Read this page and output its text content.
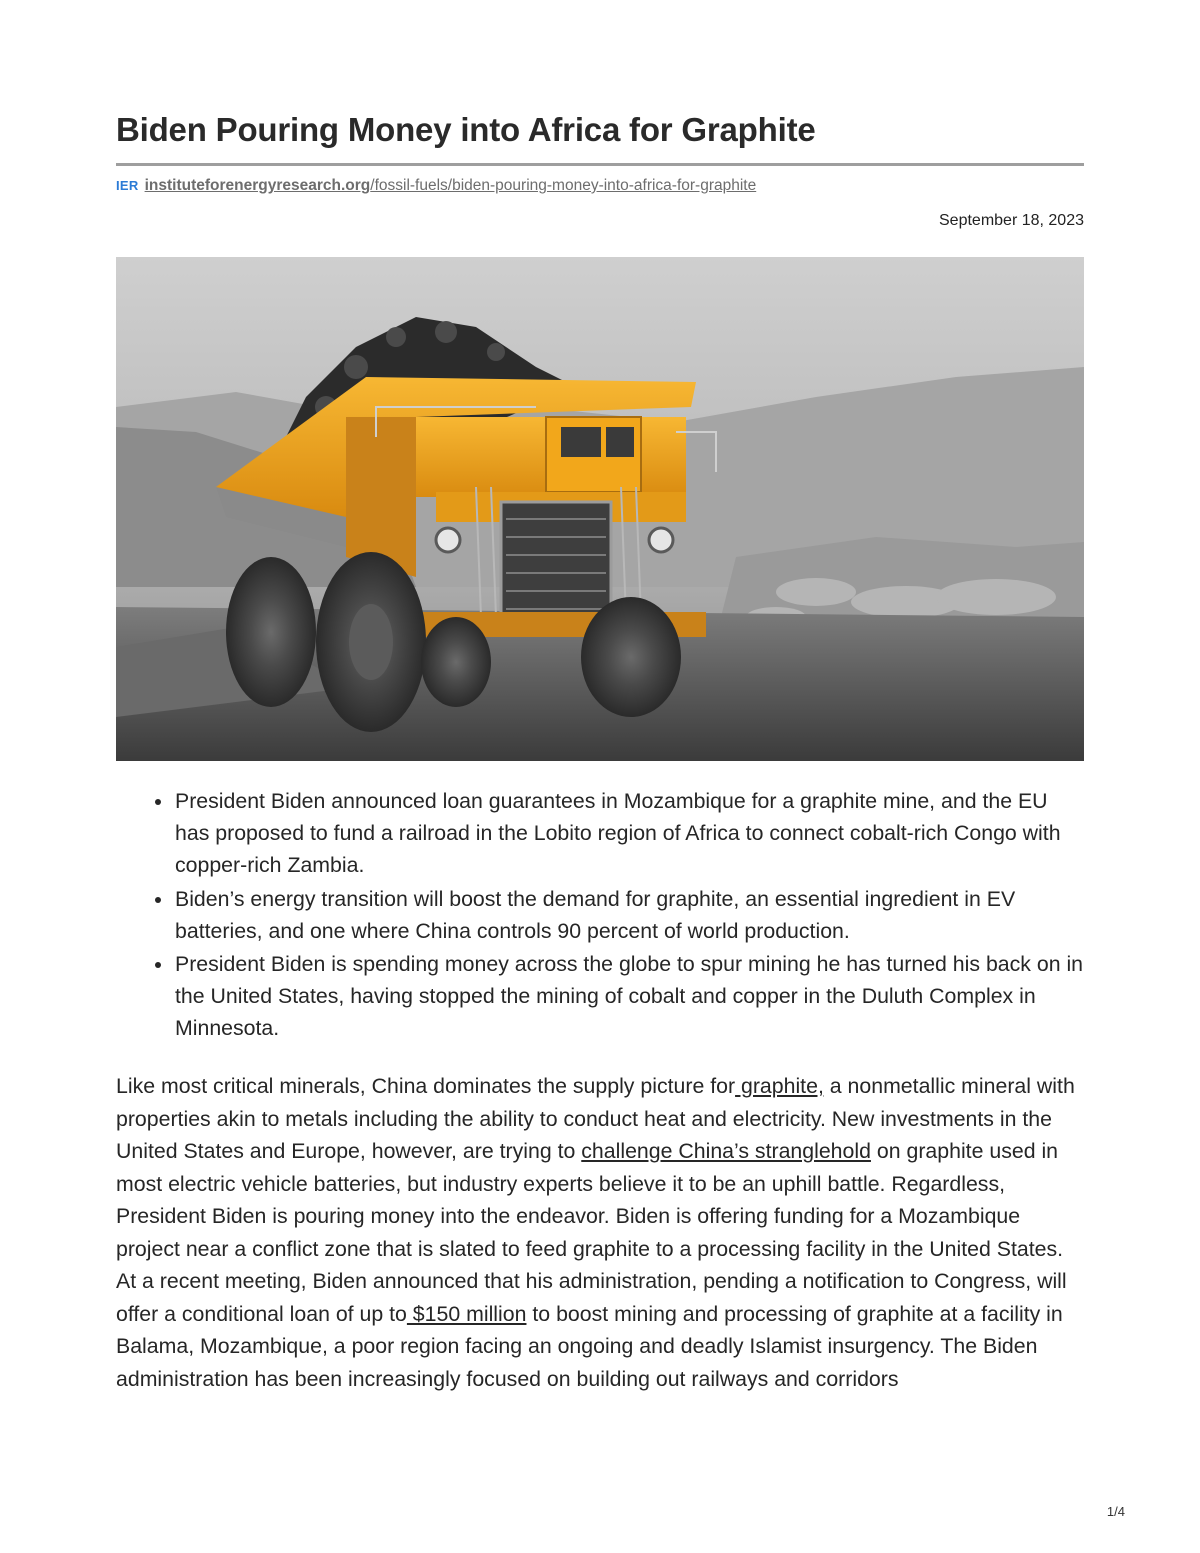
Biden Pouring Money into Africa for Graphite
IER instituteforenergyresearch.org/fossil-fuels/biden-pouring-money-into-africa-for-graphite
September 18, 2023
• President Biden announced loan guarantees in Mozambique for a graphite mine, and the EU has proposed to fund a railroad in the Lobito region of Africa to connect cobalt-rich Congo with copper-rich Zambia.
• Biden’s energy transition will boost the demand for graphite, an essential ingredient in EV batteries, and one where China controls 90 percent of world production.
• President Biden is spending money across the globe to spur mining he has turned his back on in the United States, having stopped the mining of cobalt and copper in the Duluth Complex in Minnesota.

Like most critical minerals, China dominates the supply picture for graphite, a nonmetallic mineral with properties akin to metals including the ability to conduct heat and electricity. New investments in the United States and Europe, however, are trying to challenge China’s stranglehold on graphite used in most electric vehicle batteries, but industry experts believe it to be an uphill battle. Regardless, President Biden is pouring money into the endeavor. Biden is offering funding for a Mozambique project near a conflict zone that is slated to feed graphite to a processing facility in the United States. At a recent meeting, Biden announced that his administration, pending a notification to Congress, will offer a conditional loan of up to $150 million to boost mining and processing of graphite at a facility in Balama, Mozambique, a poor region facing an ongoing and deadly Islamist insurgency. The Biden administration has been increasingly focused on building out railways and corridors

1/4
